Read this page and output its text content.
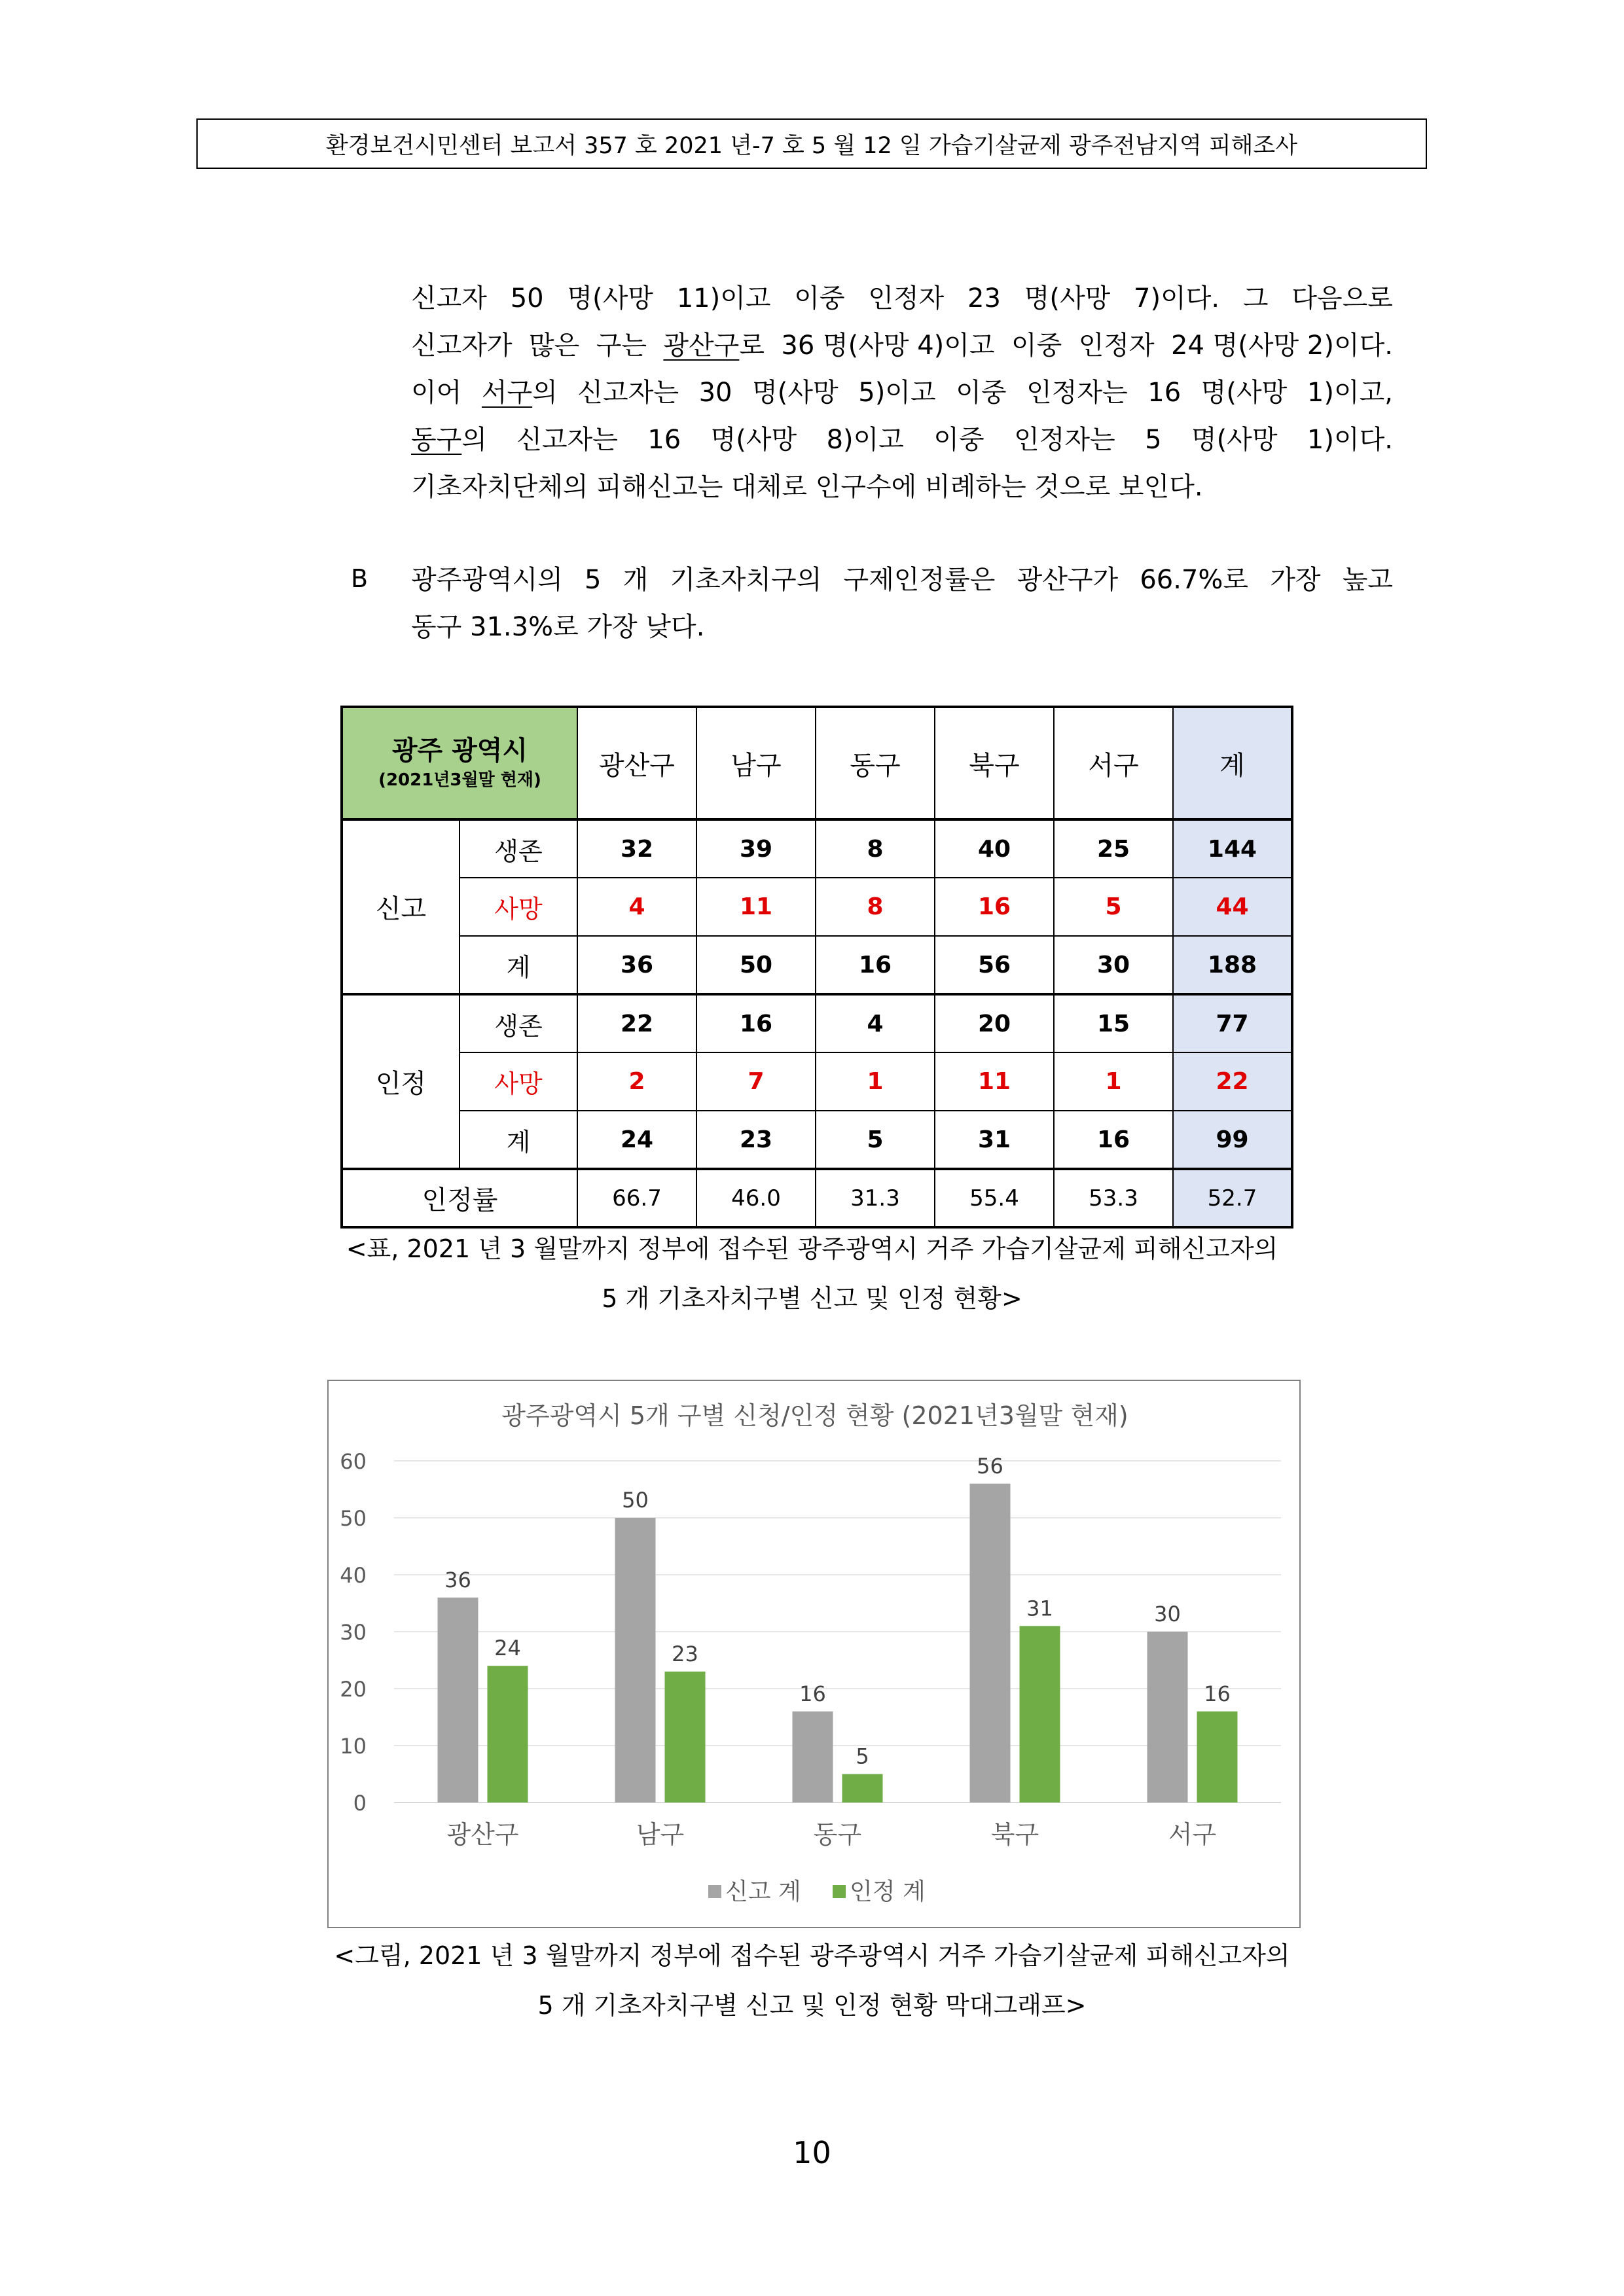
환경보건시민센터 보고서 357 호 2021 년-7 호 5 월 12 일 가습기살균제 광주전남지역 피해조사
신고자 50 명(사망 11)이고 이중 인정자 23 명(사망 7)이다. 그 다음으로
신고자가 많은 구는 광산구로 36 명(사망 4)이고 이중 인정자 24 명(사망 2)이다.
이어 서구의 신고자는 30 명(사망 5)이고 이중 인정자는 16 명(사망 1)이고,
동구의 신고자는 16 명(사망 8)이고 이중 인정자는 5 명(사망 1)이다.
기초자치단체의 피해신고는 대체로 인구수에 비례하는 것으로 보인다.
B 광주광역시의 5 개 기초자치구의 구제인정률은 광산구가 66.7%로 가장 높고
동구 31.3%로 가장 낮다.
광주 광역시
(2021년3월말 현재)		광산구	남구	동구	북구	서구	계
신고	생존	32	39	8	40	25	144
	사망	4	11	8	16	5	44
	계	36	50	16	56	30	188
인정	생존	22	16	4	20	15	77
	사망	2	7	1	11	1	22
	계	24	23	5	31	16	99
인정률		66.7	46.0	31.3	55.4	53.3	52.7
<표, 2021 년 3 월말까지 정부에 접수된 광주광역시 거주 가습기살균제 피해신고자의
5 개 기초자치구별 신고 및 인정 현황>
광주광역시 5개 구별 신청/인정 현황 (2021년3월말 현재)
0
10
20
30
40
50
60
36
24
광산구
50
23
남구
16
5
동구
56
31
북구
30
16
서구
신고 계 인정 계
<그림, 2021 년 3 월말까지 정부에 접수된 광주광역시 거주 가습기살균제 피해신고자의
5 개 기초자치구별 신고 및 인정 현황 막대그래프>
10
